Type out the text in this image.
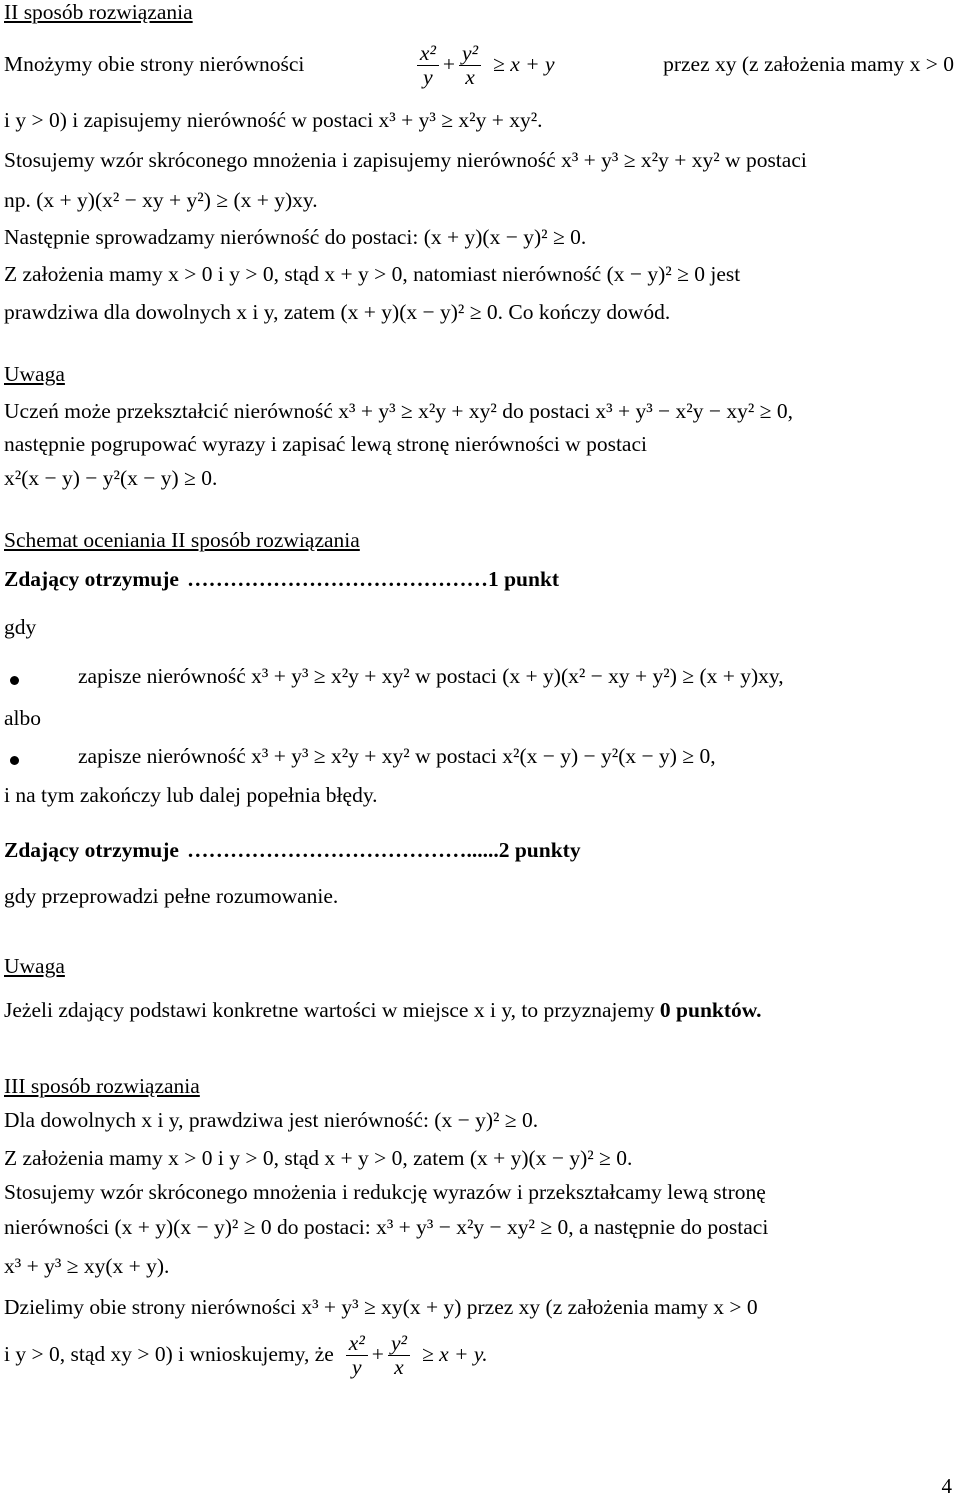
II sposób rozwiązania
Mnożymy obie strony nierówności	$\frac{\text{x²}}{y} + \frac{\text{y²}}{x} \ge x + y$	przez xy (z założenia mamy x > 0
i y > 0) i zapisujemy nierówność w postaci x³ + y³ ≥ x²y + xy².
Stosujemy wzór skróconego mnożenia i zapisujemy nierówność x³ + y³ ≥ x²y + xy² w postaci
np. (x + y)(x² − xy + y²) ≥ (x + y)xy.
Następnie sprowadzamy nierówność do postaci: (x + y)(x − y)² ≥ 0.
Z założenia mamy x > 0 i y > 0, stąd x + y > 0, natomiast nierówność (x − y)² ≥ 0 jest
prawdziwa dla dowolnych x i y, zatem (x + y)(x − y)² ≥ 0. Co kończy dowód.
Uwaga
Uczeń może przekształcić nierówność x³ + y³ ≥ x²y + xy² do postaci x³ + y³ − x²y − xy² ≥ 0,
następnie pogrupować wyrazy i zapisać lewą stronę nierówności w postaci
x²(x − y) − y²(x − y) ≥ 0.
Schemat oceniania II sposób rozwiązania
Zdający otrzymuje ……………………………………1 punkt
gdy
zapisze nierówność x³ + y³ ≥ x²y + xy² w postaci (x + y)(x² − xy + y²) ≥ (x + y)xy,
albo
zapisze nierówność x³ + y³ ≥ x²y + xy² w postaci x²(x − y) − y²(x − y) ≥ 0,
i na tym zakończy lub dalej popełnia błędy.
Zdający otrzymuje …………………………………......2 punkty
gdy przeprowadzi pełne rozumowanie.
Uwaga
Jeżeli zdający podstawi konkretne wartości w miejsce x i y, to przyznajemy 0 punktów.
III sposób rozwiązania
Dla dowolnych x i y, prawdziwa jest nierówność: (x − y)² ≥ 0.
Z założenia mamy x > 0 i y > 0, stąd x + y > 0, zatem (x + y)(x − y)² ≥ 0.
Stosujemy wzór skróconego mnożenia i redukcję wyrazów i przekształcamy lewą stronę
nierówności (x + y)(x − y)² ≥ 0 do postaci: x³ + y³ − x²y − xy² ≥ 0, a następnie do postaci
x³ + y³ ≥ xy(x + y).
Dzielimy obie strony nierówności x³ + y³ ≥ xy(x + y) przez xy (z założenia mamy x > 0
i y > 0, stąd xy > 0) i wnioskujemy, że $\frac{\text{x²}}{y} + \frac{\text{y²}}{x} \ge x + y$.
4
